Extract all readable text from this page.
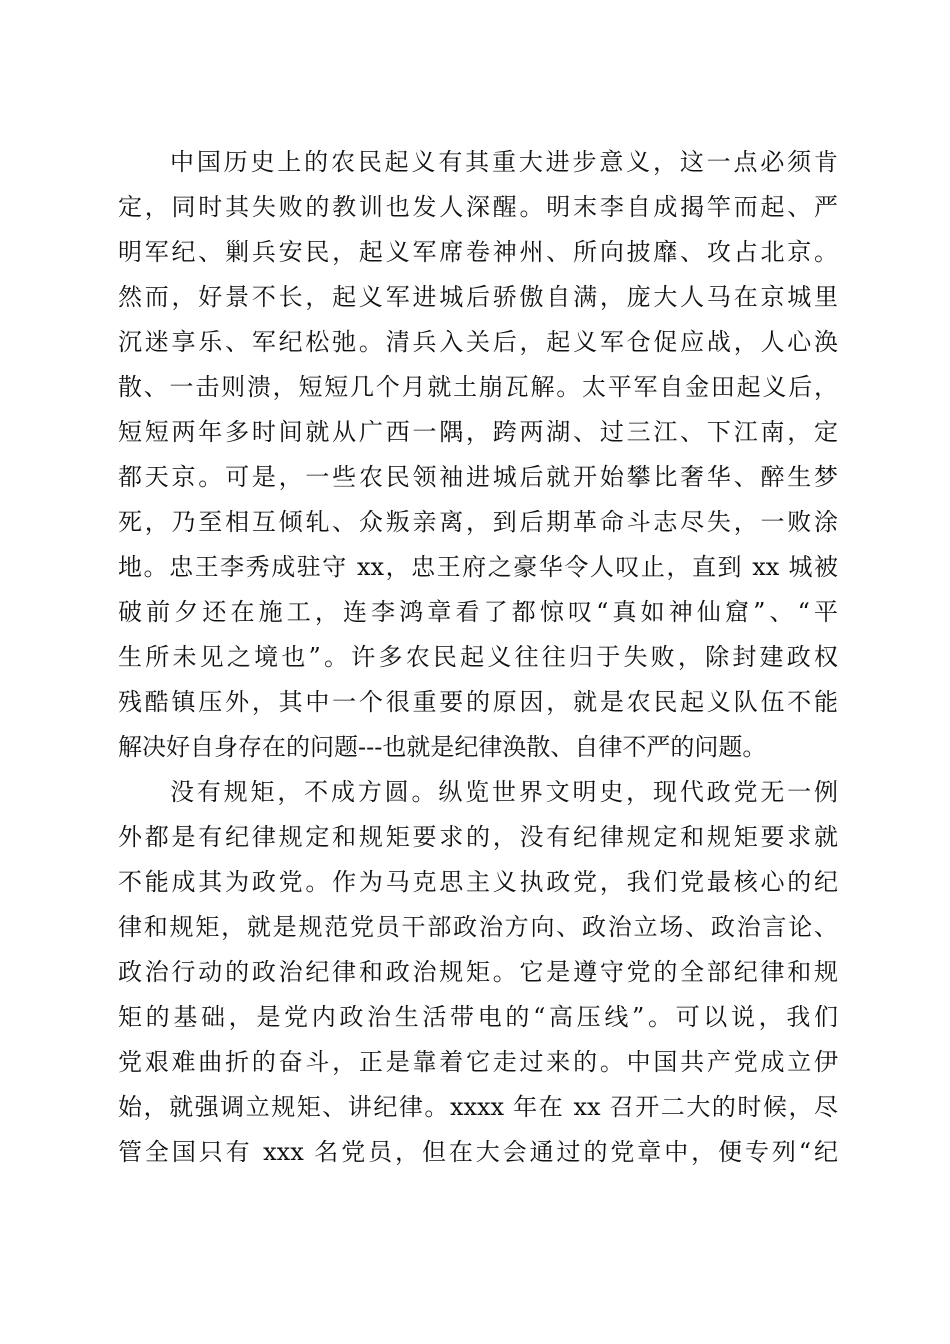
中国历史上的农民起义有其重大进步意义，这一点必须肯
定，同时其失败的教训也发人深醒。明末李自成揭竿而起、严
明军纪、剿兵安民，起义军席卷神州、所向披靡、攻占北京。
然而，好景不长，起义军进城后骄傲自满，庞大人马在京城里
沉迷享乐、军纪松弛。清兵入关后，起义军仓促应战，人心涣
散、一击则溃，短短几个月就土崩瓦解。太平军自金田起义后，
短短两年多时间就从广西一隅，跨两湖、过三江、下江南，定
都天京。可是，一些农民领袖进城后就开始攀比奢华、醉生梦
死，乃至相互倾轧、众叛亲离，到后期革命斗志尽失，一败涂
地。忠王李秀成驻守 xx，忠王府之豪华令人叹止，直到 xx 城被
破前夕还在施工，连李鸿章看了都惊叹“真如神仙窟”、“平
生所未见之境也”。许多农民起义往往归于失败，除封建政权
残酷镇压外，其中一个很重要的原因，就是农民起义队伍不能
解决好自身存在的问题---也就是纪律涣散、自律不严的问题。
没有规矩，不成方圆。纵览世界文明史，现代政党无一例
外都是有纪律规定和规矩要求的，没有纪律规定和规矩要求就
不能成其为政党。作为马克思主义执政党，我们党最核心的纪
律和规矩，就是规范党员干部政治方向、政治立场、政治言论、
政治行动的政治纪律和政治规矩。它是遵守党的全部纪律和规
矩的基础，是党内政治生活带电的“高压线”。可以说，我们
党艰难曲折的奋斗，正是靠着它走过来的。中国共产党成立伊
始，就强调立规矩、讲纪律。xxxx 年在 xx 召开二大的时候，尽
管全国只有 xxx 名党员，但在大会通过的党章中，便专列“纪
